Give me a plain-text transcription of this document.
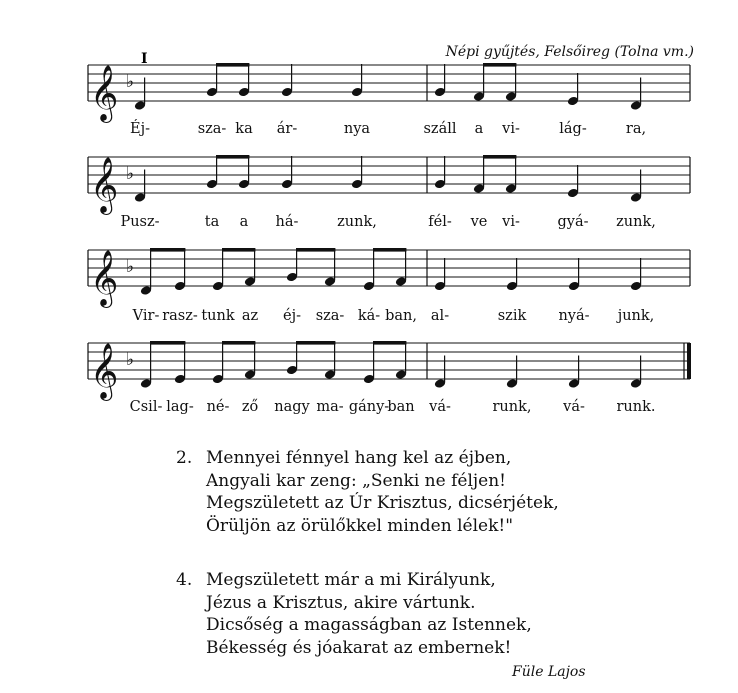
Népi gyűjtés, Felsőireg (Tolna vm.)
I
𝄞 ♭
Éj-	sza- ka ár-	nya	száll a vi-	lág-	ra,
𝄞 ♭
Pusz-	ta a há-	zunk,	fél- ve vi-	gyá- zunk,
𝄞 ♭
Vir- rasz- tunk az éj- sza- ká- ban, al-	szik nyá- junk,
𝄞 ♭
Csil- lag- né- ző nagy ma- gány-
ban vá-	runk, vá- runk.
2. Mennyei fénnyel hang kel az éjben,
Angyali kar zeng: „Senki ne féljen!
Megszületett az Úr Krisztus, dicsérjétek,
Örüljön az örülőkkel minden lélek!"
4. Megszületett már a mi Királyunk,
Jézus a Krisztus, akire vártunk.
Dicsőség a magasságban az Istennek,
Békesség és jóakarat az embernek!
Füle Lajos
